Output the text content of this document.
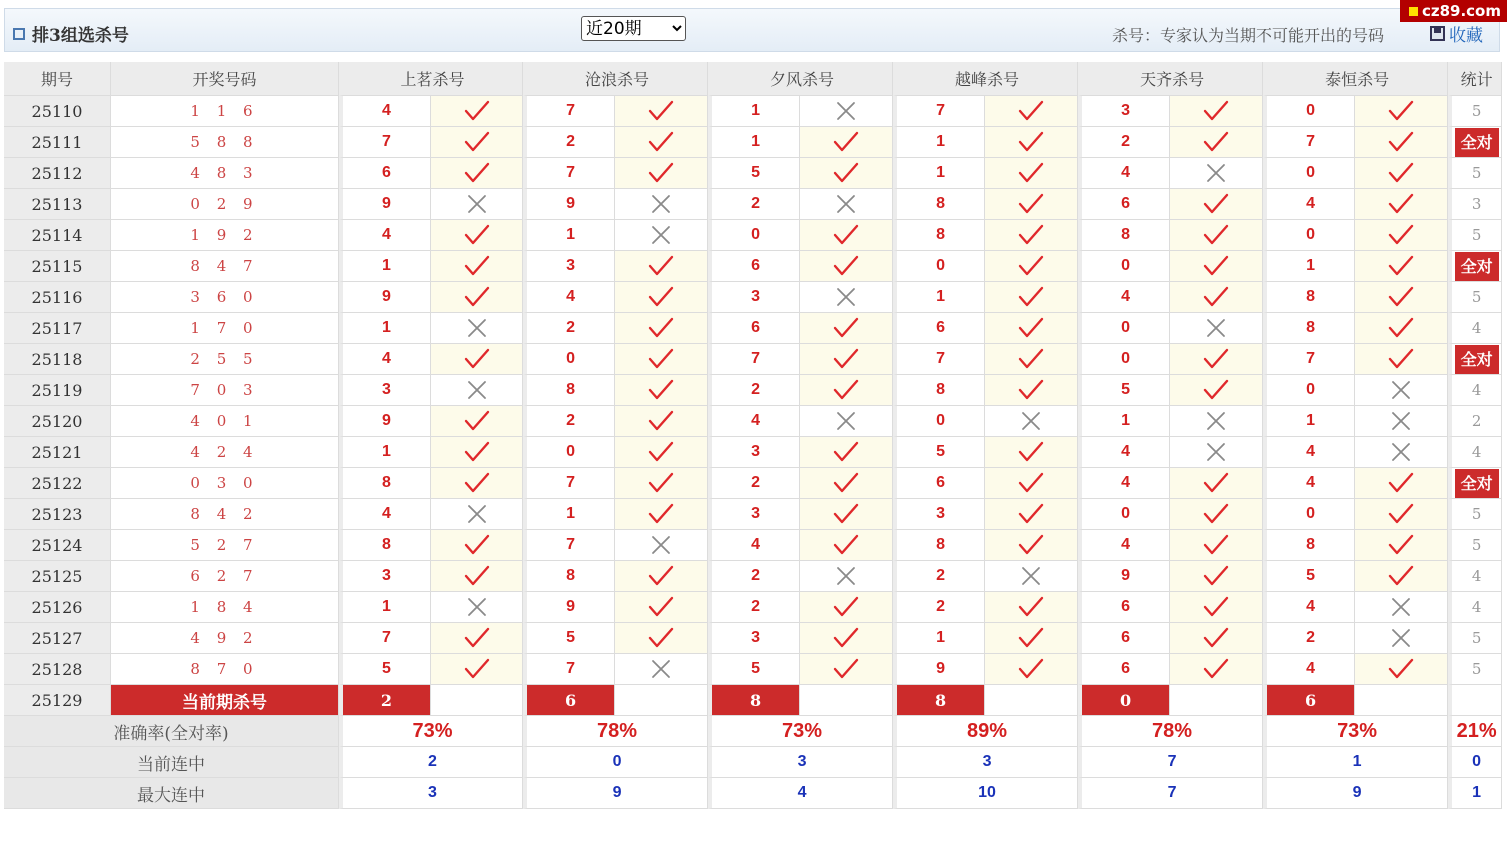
排3组选杀号
近20期	杀号：专家认为当期不可能开出的号码	收藏
cz89.com
期号	开奖号码	上茗杀号		沧浪杀号		夕风杀号		越峰杀号		天齐杀号		泰恒杀号		统计
25110	1 1 6	4		7		1		7		3		0		5
25111	5 8 8	7		2		1		1		2		7		全对

25112	4 8 3	6		7		5		1		4		0		5
25113	0 2 9	9		9		2		8		6		4		3
25114	1 9 2	4		1		0		8		8		0		5
25115	8 4 7	1		3		6		0		0		1		全对

25116	3 6 0	9		4		3		1		4		8		5
25117	1 7 0	1		2		6		6		0		8		4
25118	2 5 5	4		0		7		7		0		7		全对

25119	7 0 3	3		8		2		8		5		0		4
25120	4 0 1	9		2		4		0		1		1		2
25121	4 2 4	1		0		3		5		4		4		4
25122	0 3 0	8		7		2		6		4		4		全对

25123	8 4 2	4		1		3		3		0		0		5
25124	5 2 7	8		7		4		8		4		8		5
25125	6 2 7	3		8		2		2		9		5		4
25126	1 8 4	1		9		2		2		6		4		4
25127	4 9 2	7		5		3		1		6		2		5
25128	8 7 0	5		7		5		9		6		4		5
25129	当前期杀号	2		6		8		8		0		6		
准确率(全对率)		73%		78%		73%		89%		78%		73%		21%
当前连中		2		0		3		3		7		1		0
最大连中		3		9		4		10		7		9		1
